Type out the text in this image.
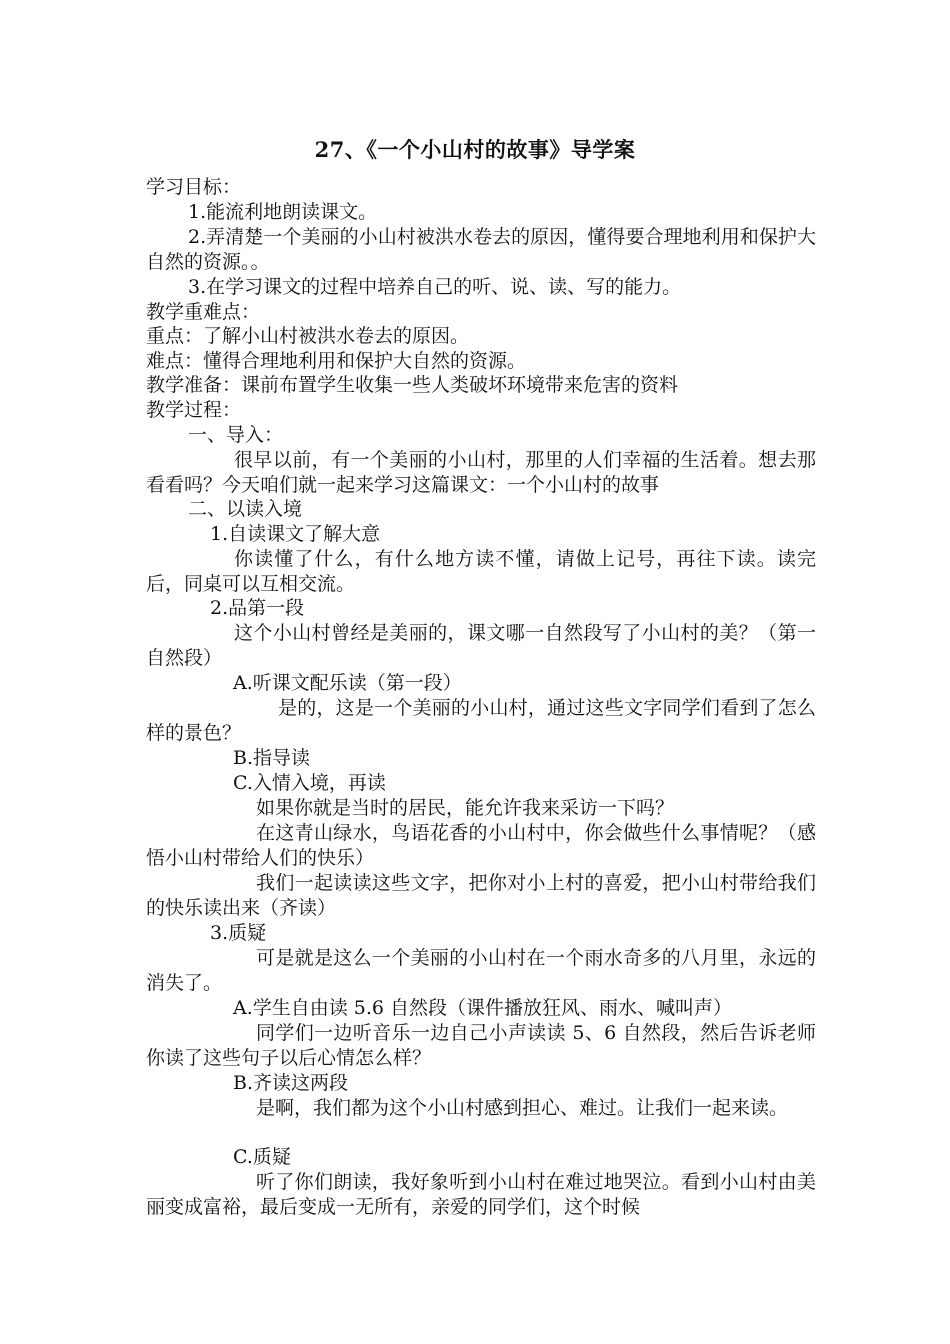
27、《一个小山村的故事》导学案
学习目标：
1.能流利地朗读课文。
2.弄清楚一个美丽的小山村被洪水卷去的原因，懂得要合理地利用和保护大自然的资源。。
3.在学习课文的过程中培养自己的听、说、读、写的能力。
教学重难点：
重点：了解小山村被洪水卷去的原因。
难点：懂得合理地利用和保护大自然的资源。
教学准备：课前布置学生收集一些人类破坏环境带来危害的资料
教学过程：
一、导入：
很早以前，有一个美丽的小山村，那里的人们幸福的生活着。想去那看看吗？今天咱们就一起来学习这篇课文：一个小山村的故事
二、以读入境
1.自读课文了解大意
你读懂了什么，有什么地方读不懂，请做上记号，再往下读。读完后，同桌可以互相交流。
2.品第一段
这个小山村曾经是美丽的，课文哪一自然段写了小山村的美？（第一自然段）
A.听课文配乐读（第一段）
是的，这是一个美丽的小山村，通过这些文字同学们看到了怎么样的景色？
B.指导读
C.入情入境，再读
如果你就是当时的居民，能允许我来采访一下吗？
在这青山绿水，鸟语花香的小山村中，你会做些什么事情呢？（感悟小山村带给人们的快乐）
我们一起读读这些文字，把你对小上村的喜爱，把小山村带给我们的快乐读出来（齐读）
3.质疑
可是就是这么一个美丽的小山村在一个雨水奇多的八月里，永远的消失了。
A.学生自由读 5.6 自然段（课件播放狂风、雨水、喊叫声）
同学们一边听音乐一边自己小声读读 5、6 自然段，然后告诉老师你读了这些句子以后心情怎么样？
B.齐读这两段
是啊，我们都为这个小山村感到担心、难过。让我们一起来读。
C.质疑
听了你们朗读，我好象听到小山村在难过地哭泣。看到小山村由美丽变成富裕，最后变成一无所有，亲爱的同学们，这个时候
